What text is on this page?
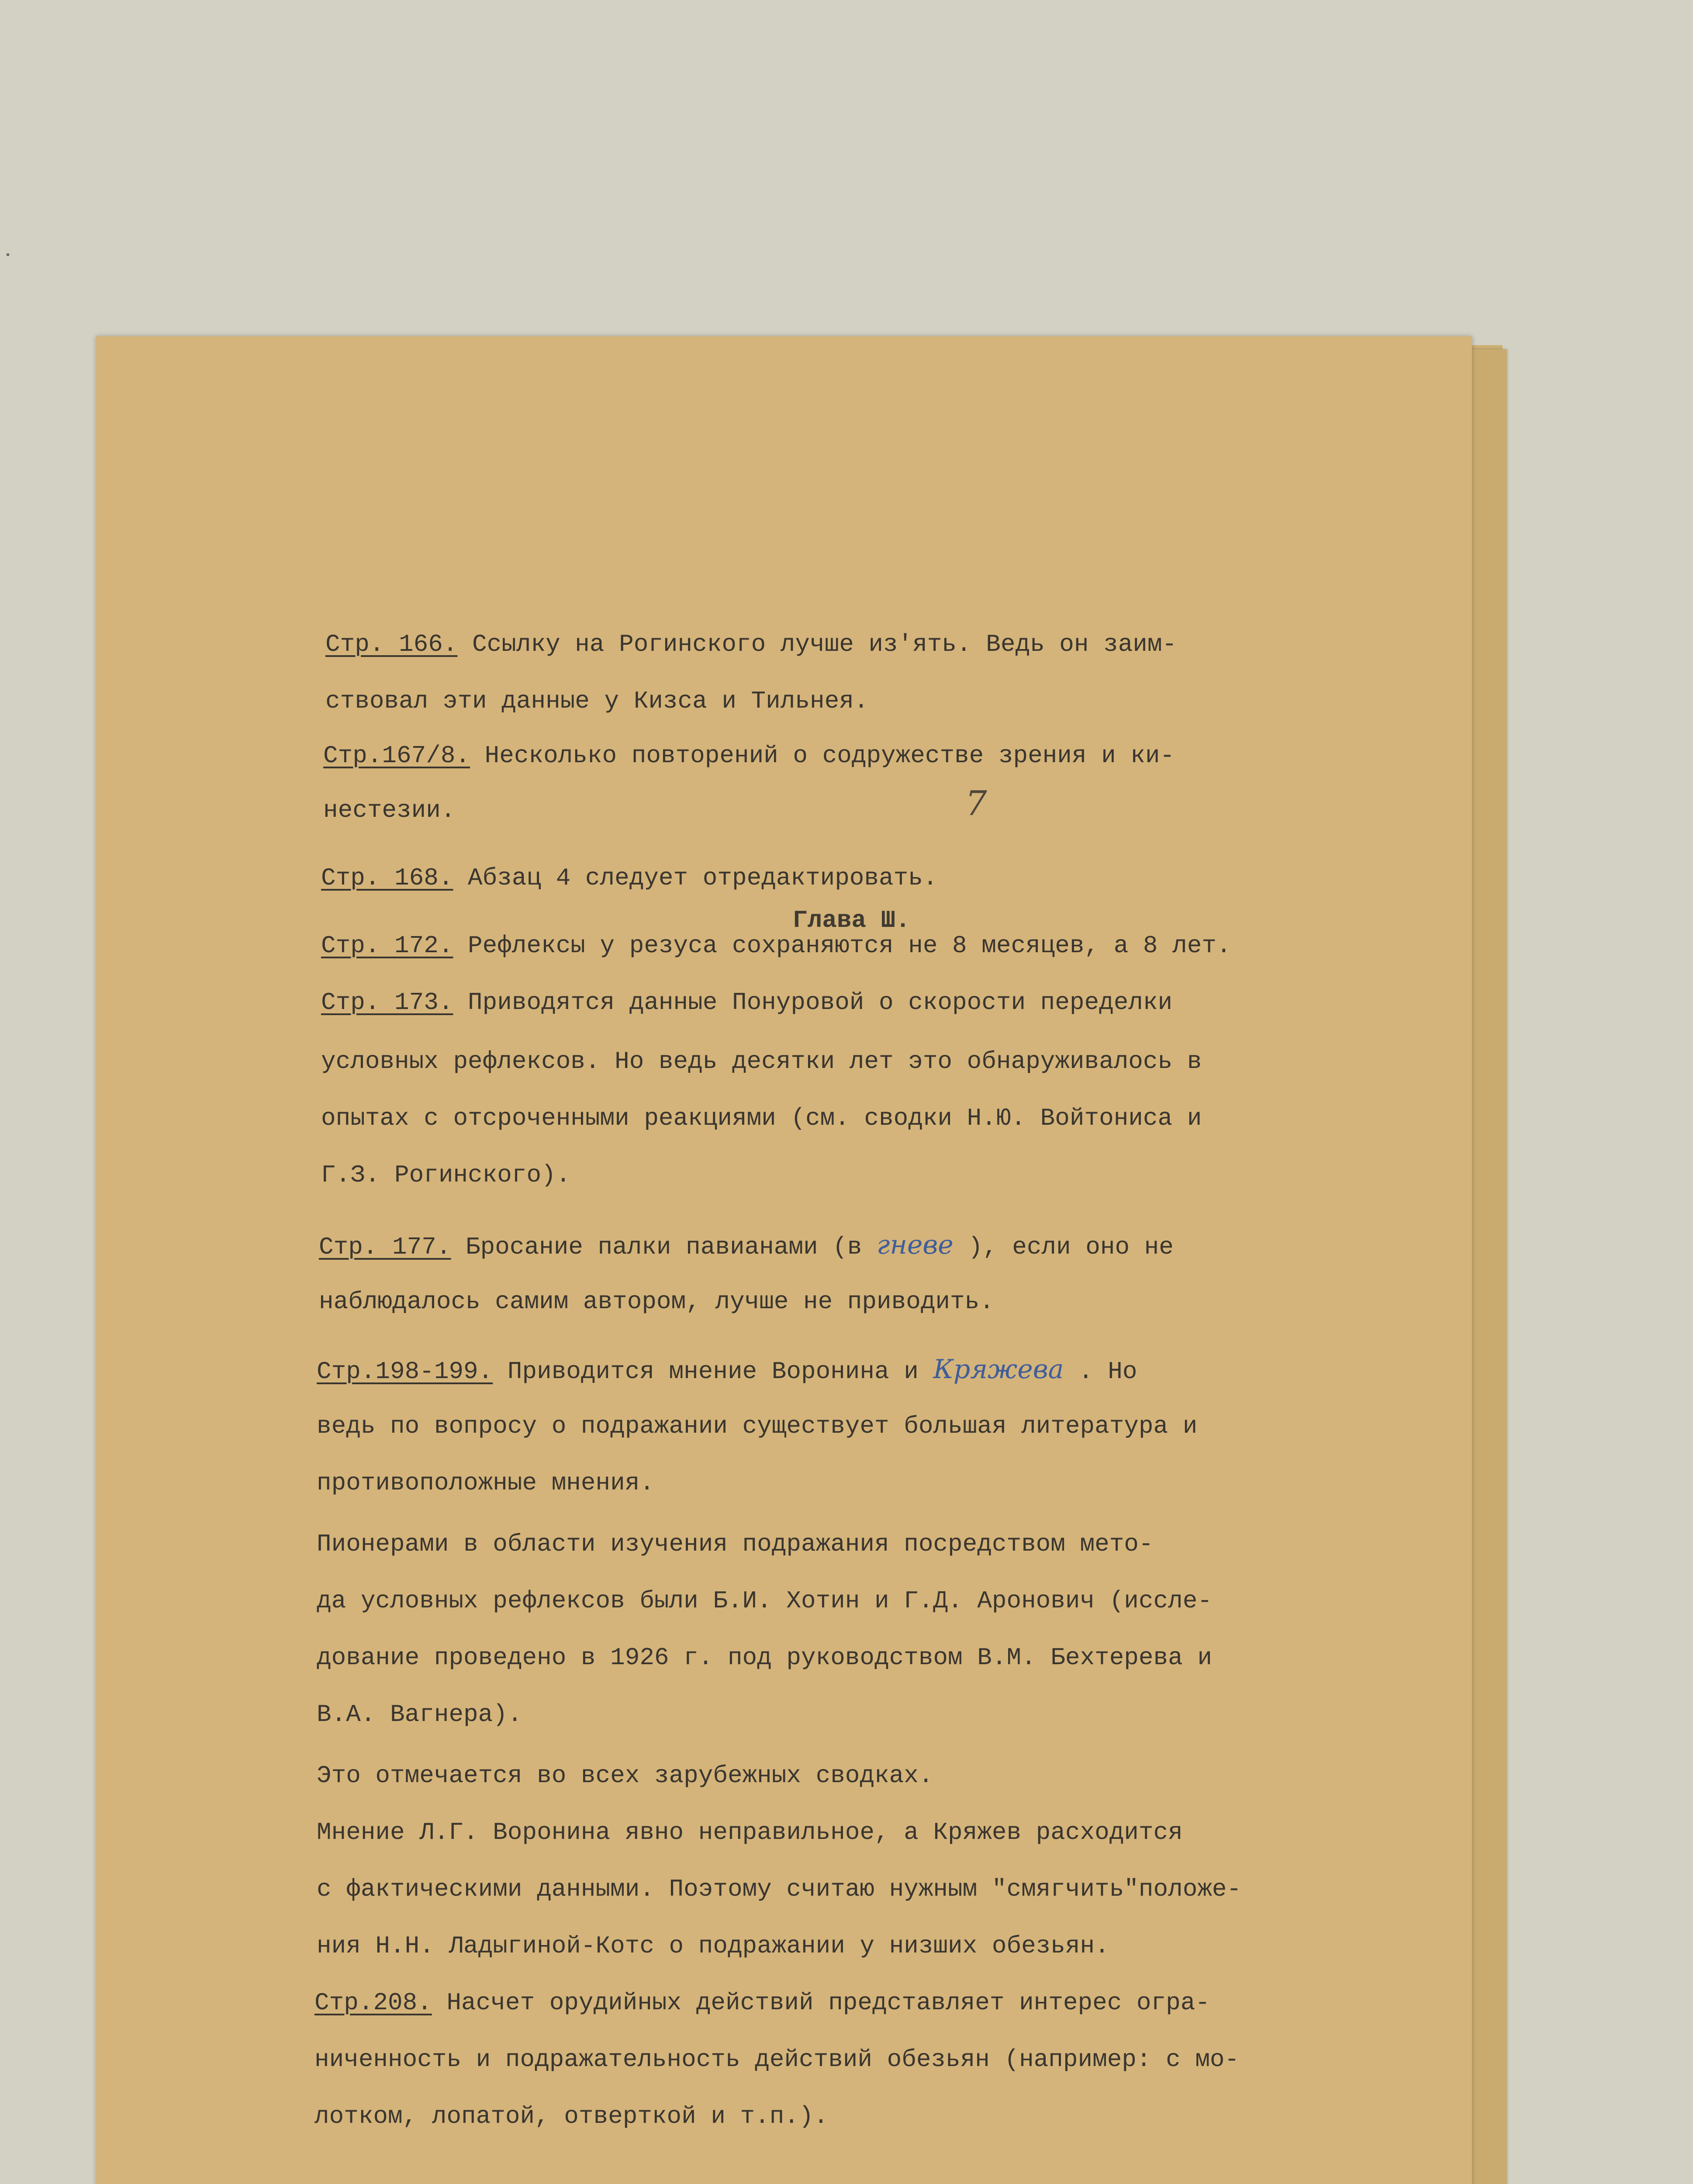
7
Глава Ш.
Стр. 166. Ссылку на Рогинского лучше из'ять. Ведь он заим-
ствовал эти данные у Кизса и Тильнея.
Стр.167/8. Несколько повторений о содружестве зрения и ки-
нестезии.
Стр. 168. Абзац 4 следует отредактировать.
Стр. 172. Рефлексы у резуса сохраняются не 8 месяцев, а 8 лет.
Стр. 173. Приводятся данные Понуровой о скорости переделки
условных рефлексов. Но ведь десятки лет это обнаруживалось в
опытах с отсроченными реакциями (см. сводки Н.Ю. Войтониса и
Г.З. Рогинского).
Стр. 177. Бросание палки павианами (в гневе ), если оно не
наблюдалось самим автором, лучше не приводить.
Стр.198-199. Приводится мнение Воронина и Кряжева . Но
ведь по вопросу о подражании существует большая литература и
противоположные мнения.
Пионерами в области изучения подражания посредством мето-
да условных рефлексов были Б.И. Хотин и Г.Д. Аронович (иссле-
дование проведено в 1926 г. под руководством В.М. Бехтерева и
В.А. Вагнера).
Это отмечается во всех зарубежных сводках.
Мнение Л.Г. Воронина явно неправильное, а Кряжев расходится
с фактическими данными. Поэтому считаю нужным "смягчить"положе-
ния Н.Н. Ладыгиной-Котс о подражании у низших обезьян.
Стр.208. Насчет орудийных действий представляет интерес огра-
ниченность и подражательность действий обезьян (например: с мо-
лотком, лопатой, отверткой и т.п.).
